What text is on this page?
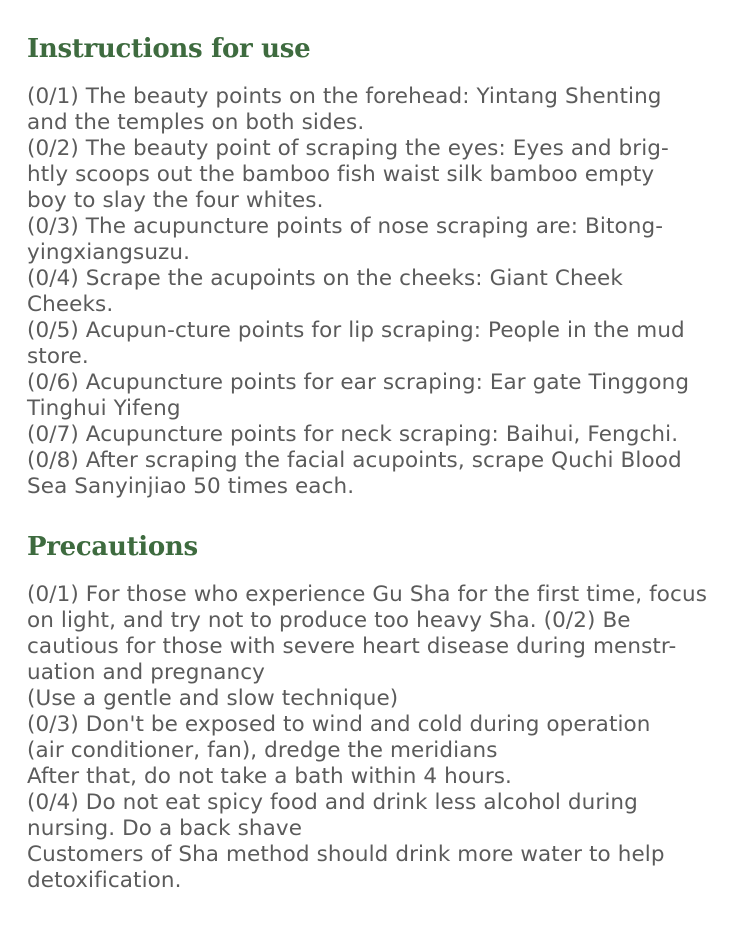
Instructions for use
(0/1) The beauty points on the forehead: Yintang Shenting
and the temples on both sides.
(0/2) The beauty point of scraping the eyes: Eyes and brig-
htly scoops out the bamboo fish waist silk bamboo empty
boy to slay the four whites.
(0/3) The acupuncture points of nose scraping are: Bitong-
yingxiangsuzu.
(0/4) Scrape the acupoints on the cheeks: Giant Cheek
Cheeks.
(0/5) Acupun-cture points for lip scraping: People in the mud
store.
(0/6) Acupuncture points for ear scraping: Ear gate Tinggong
Tinghui Yifeng
(0/7) Acupuncture points for neck scraping: Baihui, Fengchi.
(0/8) After scraping the facial acupoints, scrape Quchi Blood
Sea Sanyinjiao 50 times each.
Precautions
(0/1) For those who experience Gu Sha for the first time, focus
on light, and try not to produce too heavy Sha. (0/2) Be
cautious for those with severe heart disease during menstr-
uation and pregnancy
(Use a gentle and slow technique)
(0/3) Don't be exposed to wind and cold during operation
(air conditioner, fan), dredge the meridians
After that, do not take a bath within 4 hours.
(0/4) Do not eat spicy food and drink less alcohol during
nursing. Do a back shave
Customers of Sha method should drink more water to help
detoxification.
